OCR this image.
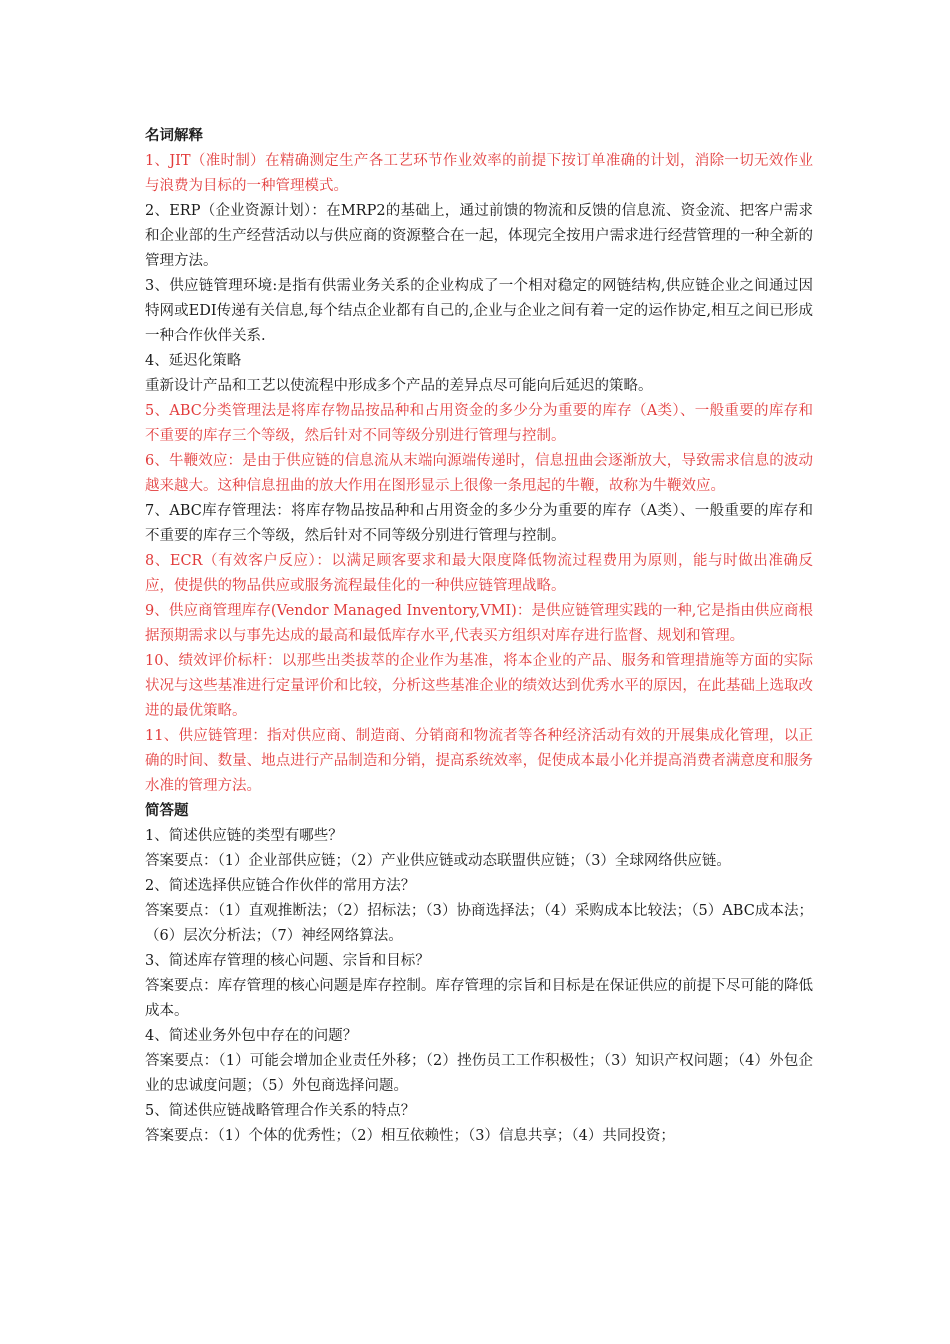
名词解释

1、JIT（准时制）在精确测定生产各工艺环节作业效率的前提下按订单准确的计划，消除一切无效作业与浪费为目标的一种管理模式。

2、ERP（企业资源计划）：在MRP2的基础上，通过前馈的物流和反馈的信息流、资金流、把客户需求和企业部的生产经营活动以与供应商的资源整合在一起，体现完全按用户需求进行经营管理的一种全新的管理方法。

3、供应链管理环境:是指有供需业务关系的企业构成了一个相对稳定的网链结构,供应链企业之间通过因特网或EDI传递有关信息,每个结点企业都有自己的,企业与企业之间有着一定的运作协定,相互之间已形成一种合作伙伴关系.

4、延迟化策略

重新设计产品和工艺以使流程中形成多个产品的差异点尽可能向后延迟的策略。

5、ABC分类管理法是将库存物品按品种和占用资金的多少分为重要的库存（A类）、一般重要的库存和不重要的库存三个等级，然后针对不同等级分别进行管理与控制。

6、牛鞭效应：是由于供应链的信息流从末端向源端传递时，信息扭曲会逐渐放大，导致需求信息的波动越来越大。这种信息扭曲的放大作用在图形显示上很像一条甩起的牛鞭，故称为牛鞭效应。

7、ABC库存管理法：将库存物品按品种和占用资金的多少分为重要的库存（A类）、一般重要的库存和不重要的库存三个等级，然后针对不同等级分别进行管理与控制。

8、ECR（有效客户反应）：以满足顾客要求和最大限度降低物流过程费用为原则，能与时做出准确反应，使提供的物品供应或服务流程最佳化的一种供应链管理战略。

9、供应商管理库存(Vendor Managed Inventory,VMI)：是供应链管理实践的一种,它是指由供应商根据预期需求以与事先达成的最高和最低库存水平,代表买方组织对库存进行监督、规划和管理。

10、绩效评价标杆：以那些出类拔萃的企业作为基准，将本企业的产品、服务和管理措施等方面的实际状况与这些基准进行定量评价和比较，分析这些基准企业的绩效达到优秀水平的原因，在此基础上选取改进的最优策略。

11、供应链管理：指对供应商、制造商、分销商和物流者等各种经济活动有效的开展集成化管理，以正确的时间、数量、地点进行产品制造和分销，提高系统效率，促使成本最小化并提高消费者满意度和服务水准的管理方法。

简答题

1、简述供应链的类型有哪些？

答案要点：（1）企业部供应链；（2）产业供应链或动态联盟供应链；（3）全球网络供应链。

2、简述选择供应链合作伙伴的常用方法？

答案要点：（1）直观推断法；（2）招标法；（3）协商选择法；（4）采购成本比较法；（5）ABC成本法；（6）层次分析法；（7）神经网络算法。

3、简述库存管理的核心问题、宗旨和目标？

答案要点：库存管理的核心问题是库存控制。库存管理的宗旨和目标是在保证供应的前提下尽可能的降低成本。

4、简述业务外包中存在的问题？

答案要点：（1）可能会增加企业责任外移；（2）挫伤员工工作积极性；（3）知识产权问题；（4）外包企业的忠诚度问题；（5）外包商选择问题。

5、简述供应链战略管理合作关系的特点？

答案要点：（1）个体的优秀性；（2）相互依赖性；（3）信息共享；（4）共同投资；
